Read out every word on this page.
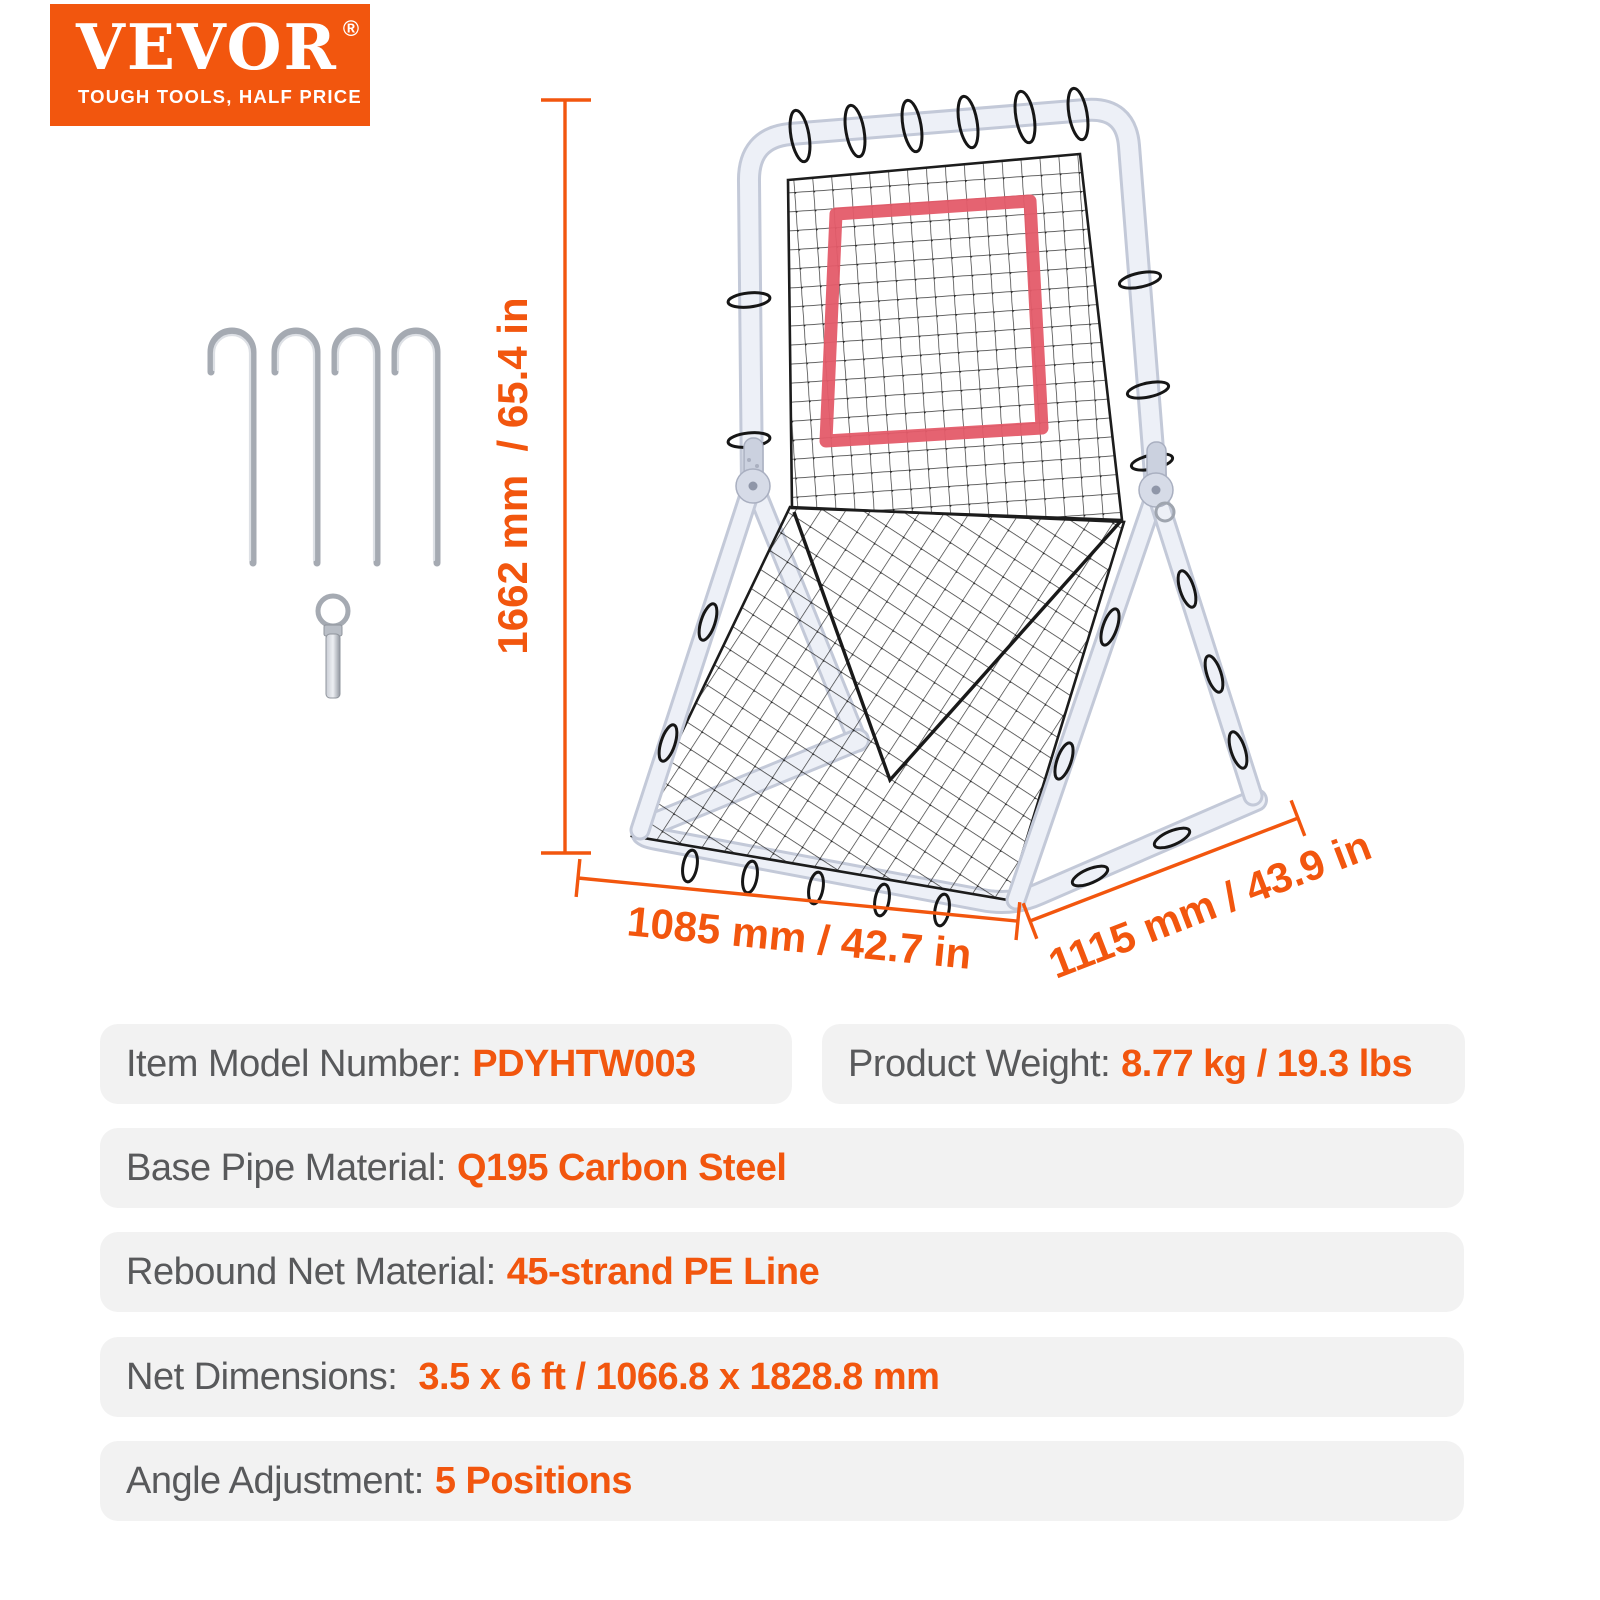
VEVOR ®
TOUGH TOOLS, HALF PRICE
1662 mm  / 65.4 in
1085 mm / 42.7 in 1115 mm / 43.9 in
Item Model Number: PDYHTW003	Product Weight: 8.77 kg / 19.3 lbs
Base Pipe Material: Q195 Carbon Steel
Rebound Net Material: 45-strand PE Line
Net Dimensions: 3.5 x 6 ft / 1066.8 x 1828.8 mm
Angle Adjustment: 5 Positions
